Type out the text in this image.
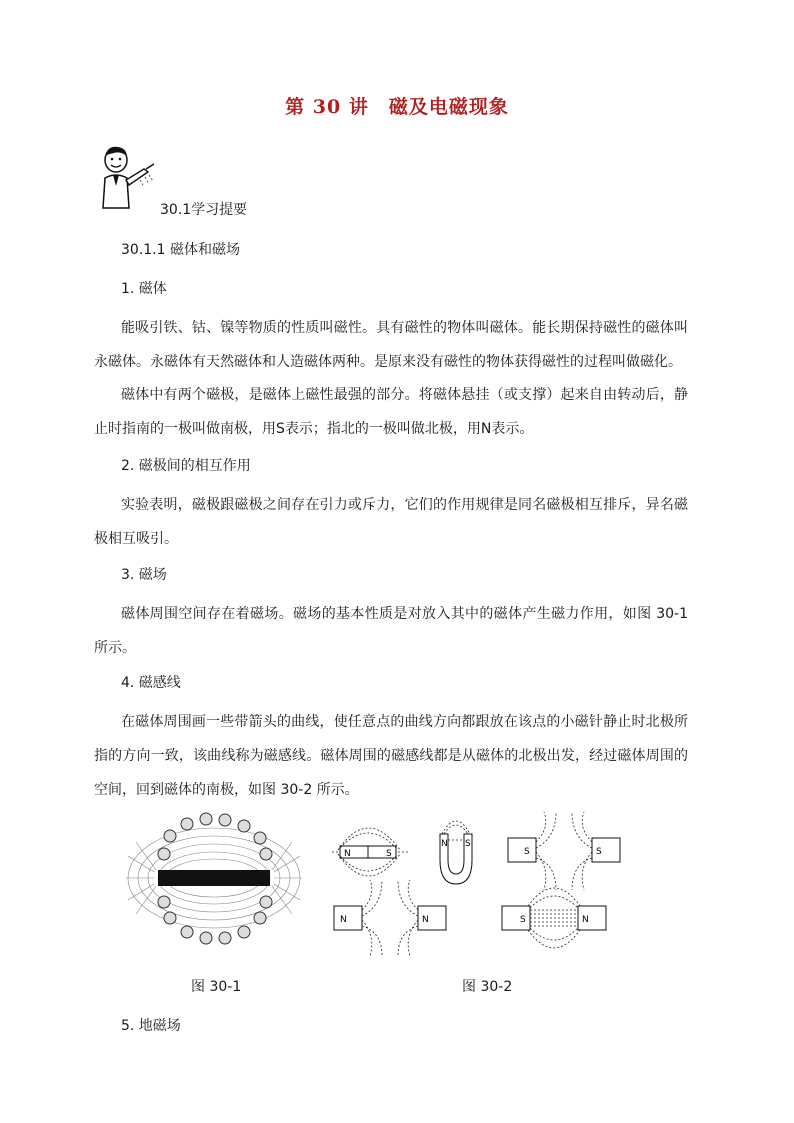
第 30 讲　磁及电磁现象
30.1学习提要
30.1.1 磁体和磁场
1. 磁体
能吸引铁、钴、镍等物质的性质叫磁性。具有磁性的物体叫磁体。能长期保持磁性的磁体叫永磁体。永磁体有天然磁体和人造磁体两种。是原来没有磁性的物体获得磁性的过程叫做磁化。
磁体中有两个磁极，是磁体上磁性最强的部分。将磁体悬挂（或支撑）起来自由转动后，静止时指南的一极叫做南极，用S表示；指北的一极叫做北极，用N表示。
2. 磁极间的相互作用
实验表明，磁极跟磁极之间存在引力或斥力，它们的作用规律是同名磁极相互排斥，异名磁极相互吸引。
3. 磁场
磁体周围空间存在着磁场。磁场的基本性质是对放入其中的磁体产生磁力作用，如图 30-1 所示。
4. 磁感线
在磁体周围画一些带箭头的曲线，使任意点的曲线方向都跟放在该点的小磁针静止时北极所指的方向一致，该曲线称为磁感线。磁体周围的磁感线都是从磁体的北极出发，经过磁体周围的空间，回到磁体的南极，如图 30-2 所示。
N	S
N S
S	S
N	N	S	N
图 30-1	图 30-2
5. 地磁场
